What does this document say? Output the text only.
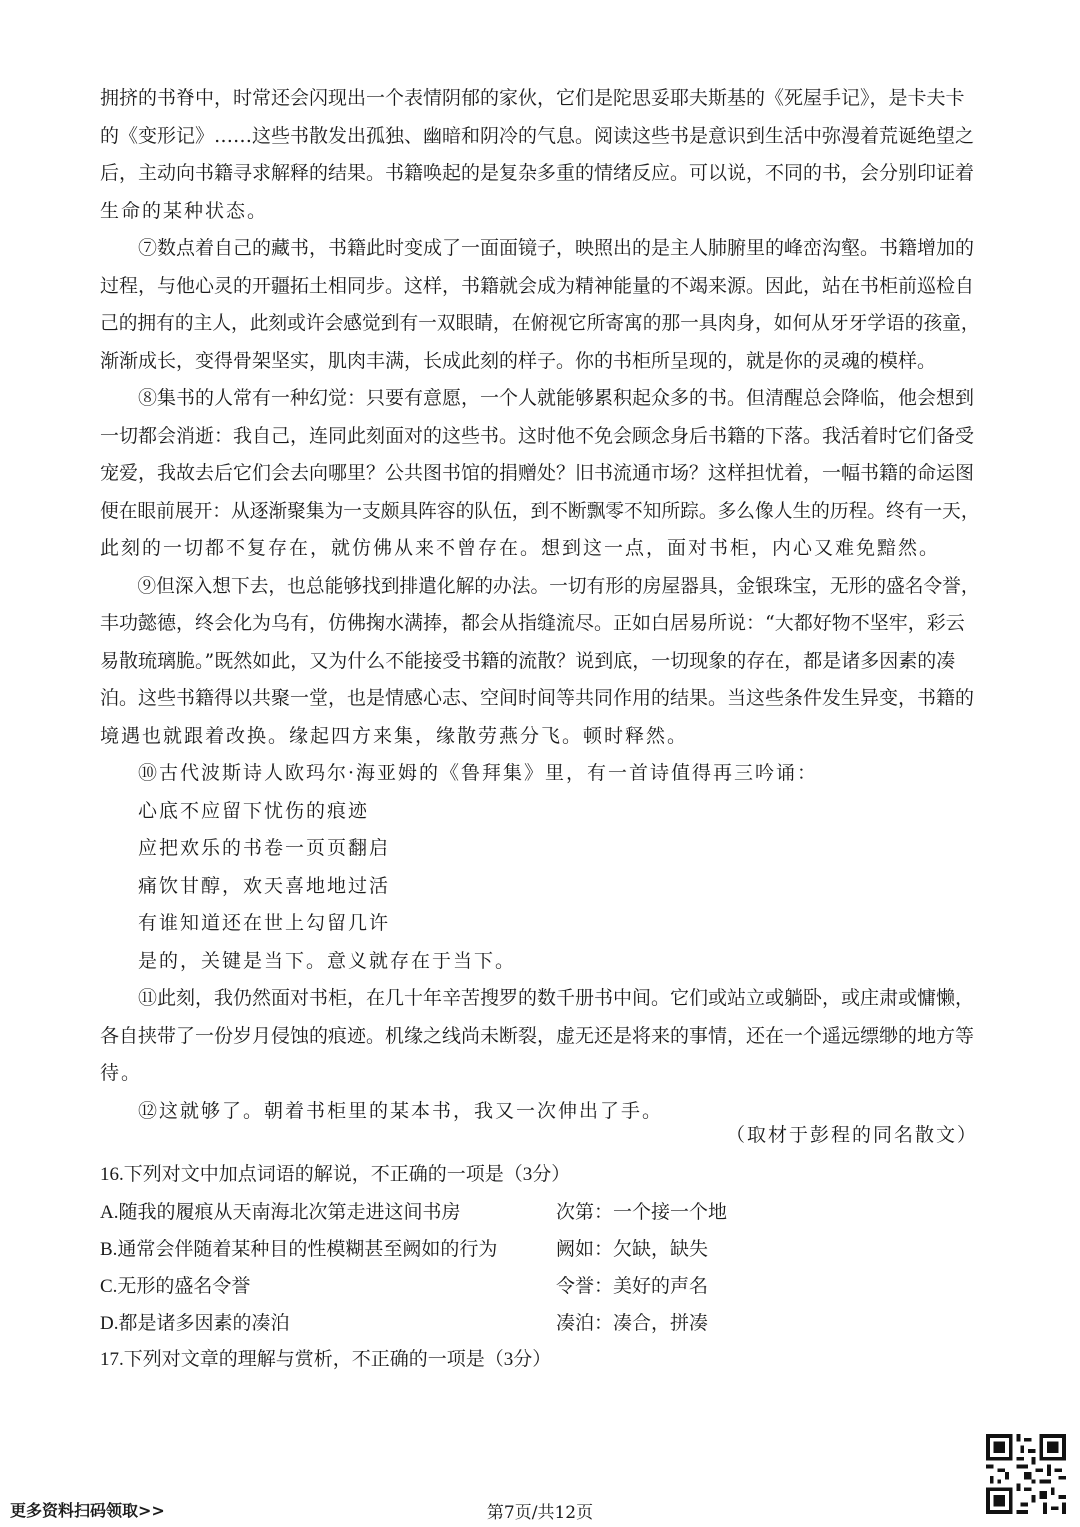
拥挤的书脊中，时常还会闪现出一个表情阴郁的家伙，它们是陀思妥耶夫斯基的《死屋手记》，是卡夫卡
的《变形记》……这些书散发出孤独、幽暗和阴冷的气息。阅读这些书是意识到生活中弥漫着荒诞绝望之
后，主动向书籍寻求解释的结果。书籍唤起的是复杂多重的情绪反应。可以说，不同的书，会分别印证着
生命的某种状态。
⑦数点着自己的藏书，书籍此时变成了一面面镜子，映照出的是主人肺腑里的峰峦沟壑。书籍增加的
过程，与他心灵的开疆拓土相同步。这样，书籍就会成为精神能量的不竭来源。因此，站在书柜前巡检自
己的拥有的主人，此刻或许会感觉到有一双眼睛，在俯视它所寄寓的那一具肉身，如何从牙牙学语的孩童，
渐渐成长，变得骨架坚实，肌肉丰满，长成此刻的样子。你的书柜所呈现的，就是你的灵魂的模样。
⑧集书的人常有一种幻觉：只要有意愿，一个人就能够累积起众多的书。但清醒总会降临，他会想到
一切都会消逝：我自己，连同此刻面对的这些书。这时他不免会顾念身后书籍的下落。我活着时它们备受
宠爱，我故去后它们会去向哪里？公共图书馆的捐赠处？旧书流通市场？这样担忧着，一幅书籍的命运图
便在眼前展开：从逐渐聚集为一支颇具阵容的队伍，到不断飘零不知所踪。多么像人生的历程。终有一天，
此刻的一切都不复存在，就仿佛从来不曾存在。想到这一点，面对书柜，内心又难免黯然。
⑨但深入想下去，也总能够找到排遣化解的办法。一切有形的房屋器具，金银珠宝，无形的盛名令誉，
丰功懿德，终会化为乌有，仿佛掬水满捧，都会从指缝流尽。正如白居易所说：“大都好物不坚牢，彩云
易散琉璃脆。”既然如此，又为什么不能接受书籍的流散？说到底，一切现象的存在，都是诸多因素的凑
泊。这些书籍得以共聚一堂，也是情感心志、空间时间等共同作用的结果。当这些条件发生异变，书籍的
境遇也就跟着改换。缘起四方来集，缘散劳燕分飞。顿时释然。
⑩古代波斯诗人欧玛尔·海亚姆的《鲁拜集》里，有一首诗值得再三吟诵：
心底不应留下忧伤的痕迹
应把欢乐的书卷一页页翻启
痛饮甘醇，欢天喜地地过活
有谁知道还在世上勾留几许
是的，关键是当下。意义就存在于当下。
⑪此刻，我仍然面对书柜，在几十年辛苦搜罗的数千册书中间。它们或站立或躺卧，或庄肃或慵懒，
各自挟带了一份岁月侵蚀的痕迹。机缘之线尚未断裂，虚无还是将来的事情，还在一个遥远缥缈的地方等
待。
⑫这就够了。朝着书柜里的某本书，我又一次伸出了手。
（取材于彭程的同名散文）
16.下列对文中加点词语的解说，不正确的一项是（3分）
A.随我的履痕从天南海北次第走进这间书房	次第：一个接一个地
B.通常会伴随着某种目的性模糊甚至阙如的行为	阙如：欠缺，缺失
C.无形的盛名令誉	令誉：美好的声名
D.都是诸多因素的凑泊	凑泊：凑合，拼凑
17.下列对文章的理解与赏析，不正确的一项是（3分）
更多资料扫码领取>>	第7页/共12页
